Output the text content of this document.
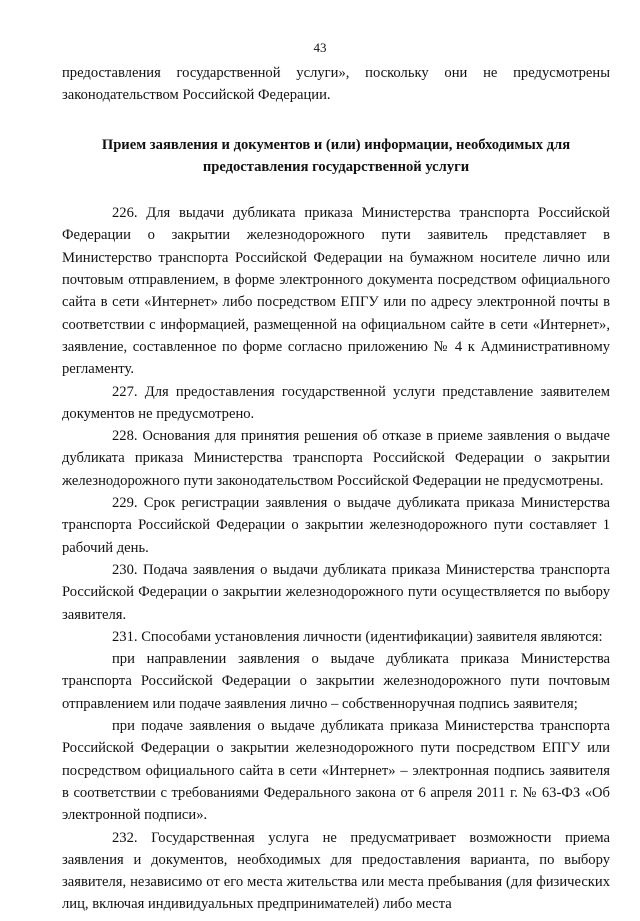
43

предоставления государственной услуги», поскольку они не предусмотрены законодательством Российской Федерации.

Прием заявления и документов и (или) информации, необходимых для
предоставления государственной услуги

226. Для выдачи дубликата приказа Министерства транспорта Российской Федерации о закрытии железнодорожного пути заявитель представляет в Министерство транспорта Российской Федерации на бумажном носителе лично или почтовым отправлением, в форме электронного документа посредством официального сайта в сети «Интернет» либо посредством ЕПГУ или по адресу электронной почты в соответствии с информацией, размещенной на официальном сайте в сети «Интернет», заявление, составленное по форме согласно приложению № 4 к Административному регламенту.

227. Для предоставления государственной услуги представление заявителем документов не предусмотрено.

228. Основания для принятия решения об отказе в приеме заявления о выдаче дубликата приказа Министерства транспорта Российской Федерации о закрытии железнодорожного пути законодательством Российской Федерации не предусмотрены.

229. Срок регистрации заявления о выдаче дубликата приказа Министерства транспорта Российской Федерации о закрытии железнодорожного пути составляет 1 рабочий день.

230. Подача заявления о выдачи дубликата приказа Министерства транспорта Российской Федерации о закрытии железнодорожного пути осуществляется по выбору заявителя.

231. Способами установления личности (идентификации) заявителя являются:

при направлении заявления о выдаче дубликата приказа Министерства транспорта Российской Федерации о закрытии железнодорожного пути почтовым отправлением или подаче заявления лично – собственноручная подпись заявителя;

при подаче заявления о выдаче дубликата приказа Министерства транспорта Российской Федерации о закрытии железнодорожного пути посредством ЕПГУ или посредством официального сайта в сети «Интернет» – электронная подпись заявителя в соответствии с требованиями Федерального закона от 6 апреля 2011 г. № 63-ФЗ «Об электронной подписи».

232. Государственная услуга не предусматривает возможности приема заявления и документов, необходимых для предоставления варианта, по выбору заявителя, независимо от его места жительства или места пребывания (для физических лиц, включая индивидуальных предпринимателей) либо места
